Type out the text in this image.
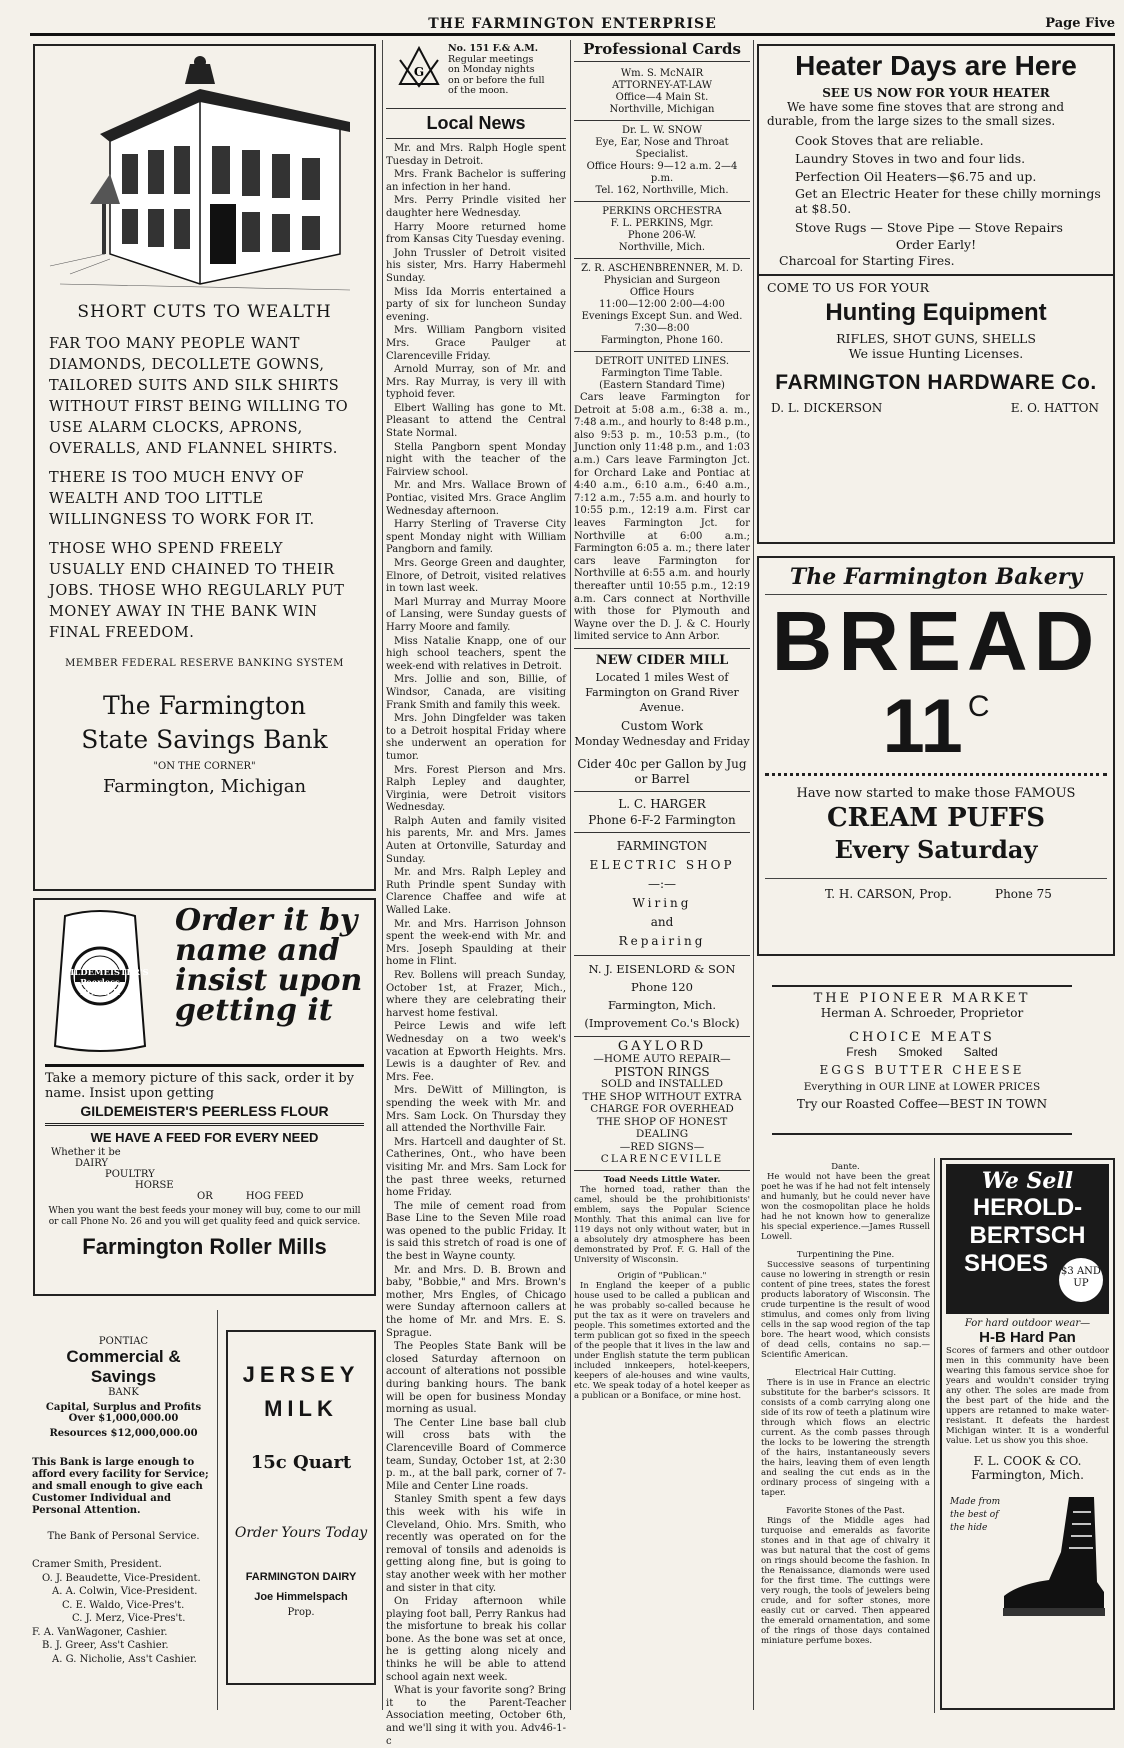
THE FARMINGTON ENTERPRISE	Page Five
SHORT CUTS TO WEALTH
FAR TOO MANY PEOPLE WANT DIAMONDS, DECOLLETE GOWNS, TAILORED SUITS AND SILK SHIRTS WITHOUT FIRST BEING WILLING TO USE ALARM CLOCKS, APRONS, OVERALLS, AND FLANNEL SHIRTS.
THERE IS TOO MUCH ENVY OF WEALTH AND TOO LITTLE WILLINGNESS TO WORK FOR IT.
THOSE WHO SPEND FREELY USUALLY END CHAINED TO THEIR JOBS. THOSE WHO REGULARLY PUT MONEY AWAY IN THE BANK WIN FINAL FREEDOM.
MEMBER FEDERAL RESERVE BANKING SYSTEM
The Farmington
State Savings Bank
"ON THE CORNER"
Farmington, Michigan
GILDEMEISTER'S Peerless ROLLER
Order it by
name and
insist upon
getting it
Take a memory picture of this sack, order it by name. Insist upon getting
GILDEMEISTER'S PEERLESS FLOUR
WE HAVE A FEED FOR EVERY NEED
Whether it be
DAIRY
POULTRY
HORSE
OR	HOG FEED
When you want the best feeds your money will buy, come to our mill or call Phone No. 26 and you will get quality feed and quick service.
Farmington Roller Mills
PONTIAC
Commercial & Savings
BANK
Capital, Surplus and Profits Over $1,000,000.00
Resources $12,000,000.00
This Bank is large enough to afford every facility for Service; and small enough to give each Customer Individual and Personal Attention.
The Bank of Personal Service.
Cramer Smith, President.
O. J. Beaudette, Vice-President.
A. A. Colwin, Vice-President.
C. E. Waldo, Vice-Pres't.
C. J. Merz, Vice-Pres't.
F. A. VanWagoner, Cashier.
B. J. Greer, Ass't Cashier.
A. G. Nicholie, Ass't Cashier.
JERSEY
MILK
15c Quart
Order Yours Today
FARMINGTON DAIRY
Joe Himmelspach
Prop.
G
No. 151 F.& A.M.
Regular meetings
on Monday nights
on or before the full
of the moon.
Local News
Mr. and Mrs. Ralph Hogle spent Tuesday in Detroit.
Mrs. Frank Bachelor is suffering an infection in her hand.
Mrs. Perry Prindle visited her daughter here Wednesday.
Harry Moore returned home from Kansas City Tuesday evening.
John Trussler of Detroit visited his sister, Mrs. Harry Habermehl Sunday.
Miss Ida Morris entertained a party of six for luncheon Sunday evening.
Mrs. William Pangborn visited Mrs. Grace Paulger at Clarenceville Friday.
Arnold Murray, son of Mr. and Mrs. Ray Murray, is very ill with typhoid fever.
Elbert Walling has gone to Mt. Pleasant to attend the Central State Normal.
Stella Pangborn spent Monday night with the teacher of the Fairview school.
Mr. and Mrs. Wallace Brown of Pontiac, visited Mrs. Grace Anglim Wednesday afternoon.
Harry Sterling of Traverse City spent Monday night with William Pangborn and family.
Mrs. George Green and daughter, Elnore, of Detroit, visited relatives in town last week.
Marl Murray and Murray Moore of Lansing, were Sunday guests of Harry Moore and family.
Miss Natalie Knapp, one of our high school teachers, spent the week-end with relatives in Detroit.
Mrs. Jollie and son, Billie, of Windsor, Canada, are visiting Frank Smith and family this week.
Mrs. John Dingfelder was taken to a Detroit hospital Friday where she underwent an operation for tumor.
Mrs. Forest Pierson and Mrs. Ralph Lepley and daughter, Virginia, were Detroit visitors Wednesday.
Ralph Auten and family visited his parents, Mr. and Mrs. James Auten at Ortonville, Saturday and Sunday.
Mr. and Mrs. Ralph Lepley and Ruth Prindle spent Sunday with Clarence Chaffee and wife at Walled Lake.
Mr. and Mrs. Harrison Johnson spent the week-end with Mr. and Mrs. Joseph Spaulding at their home in Flint.
Rev. Bollens will preach Sunday, October 1st, at Frazer, Mich., where they are celebrating their harvest home festival.
Peirce Lewis and wife left Wednesday on a two week's vacation at Epworth Heights. Mrs. Lewis is a daughter of Rev. and Mrs. Fee.
Mrs. DeWitt of Millington, is spending the week with Mr. and Mrs. Sam Lock. On Thursday they all attended the Northville Fair.
Mrs. Hartcell and daughter of St. Catherines, Ont., who have been visiting Mr. and Mrs. Sam Lock for the past three weeks, returned home Friday.
The mile of cement road from Base Line to the Seven Mile road was opened to the public Friday. It is said this stretch of road is one of the best in Wayne county.
Mr. and Mrs. D. B. Brown and baby, "Bobbie," and Mrs. Brown's mother, Mrs Engles, of Chicago were Sunday afternoon callers at the home of Mr. and Mrs. E. S. Sprague.
The Peoples State Bank will be closed Saturday afternoon on account of alterations not possible during banking hours. The bank will be open for business Monday morning as usual.
The Center Line base ball club will cross bats with the Clarenceville Board of Commerce team, Sunday, October 1st, at 2:30 p. m., at the ball park, corner of 7-Mile and Center Line roads.
Stanley Smith spent a few days this week with his wife in Cleveland, Ohio. Mrs. Smith, who recently was operated on for the removal of tonsils and adenoids is getting along fine, but is going to stay another week with her mother and sister in that city.
On Friday afternoon while playing foot ball, Perry Rankus had the misfortune to break his collar bone. As the bone was set at once, he is getting along nicely and thinks he will be able to attend school again next week.
What is your favorite song? Bring it to the Parent-Teacher Association meeting, October 6th, and we'll sing it with you. Adv46-1-c
Professional Cards
Wm. S. McNAIR
ATTORNEY-AT-LAW
Office—4 Main St.
Northville, Michigan
Dr. L. W. SNOW
Eye, Ear, Nose and Throat
Specialist.
Office Hours: 9—12 a.m. 2—4 p.m.
Tel. 162, Northville, Mich.
PERKINS ORCHESTRA
F. L. PERKINS, Mgr.
Phone 206-W.
Northville, Mich.
Z. R. ASCHENBRENNER, M. D.
Physician and Surgeon
Office Hours
11:00—12:00 2:00—4:00
Evenings Except Sun. and Wed.
7:30—8:00
Farmington, Phone 160.
DETROIT UNITED LINES.
Farmington Time Table.
(Eastern Standard Time)
Cars leave Farmington for Detroit at 5:08 a.m., 6:38 a. m., 7:48 a.m., and hourly to 8:48 p.m., also 9:53 p. m., 10:53 p.m., (to Junction only 11:48 p.m., and 1:03 a.m.) Cars leave Farmington Jct. for Orchard Lake and Pontiac at 4:40 a.m., 6:10 a.m., 6:40 a.m., 7:12 a.m., 7:55 a.m. and hourly to 10:55 p.m., 12:19 a.m. First car leaves Farmington Jct. for Northville at 6:00 a.m.; Farmington 6:05 a. m.; there later cars leave Farmington for Northville at 6:55 a.m. and hourly thereafter until 10:55 p.m., 12:19 a.m. Cars connect at Northville with those for Plymouth and Wayne over the D. J. & C. Hourly limited service to Ann Arbor.
NEW CIDER MILL
Located 1 miles West of Farmington on Grand River Avenue.
Custom Work
Monday Wednesday and Friday
Cider 40c per Gallon by Jug
or Barrel
L. C. HARGER
Phone 6-F-2 Farmington
FARMINGTON
ELECTRIC SHOP
—:—
Wiring
and
Repairing
N. J. EISENLORD & SON
Phone 120
Farmington, Mich.
(Improvement Co.'s Block)
GAYLORD
—HOME AUTO REPAIR—
PISTON RINGS
SOLD and INSTALLED
THE SHOP WITHOUT EXTRA
CHARGE FOR OVERHEAD
THE SHOP OF HONEST
DEALING
—RED SIGNS—
CLARENCEVILLE
Toad Needs Little Water.
The horned toad, rather than the camel, should be the prohibitionists' emblem, says the Popular Science Monthly. That this animal can live for 119 days not only without water, but in a absolutely dry atmosphere has been demonstrated by Prof. F. G. Hall of the University of Wisconsin.
Origin of "Publican."
In England the keeper of a public house used to be called a publican and he was probably so-called because he put the tax as it were on travelers and people. This sometimes extorted and the term publican got so fixed in the speech of the people that it lives in the law and under English statute the term publican included innkeepers, hotel-keepers, keepers of ale-houses and wine vaults, etc. We speak today of a hotel keeper as a publican or a Boniface, or mine host.
Heater Days are Here
SEE US NOW FOR YOUR HEATER
We have some fine stoves that are strong and durable, from the large sizes to the small sizes.
Cook Stoves that are reliable.
Laundry Stoves in two and four lids.
Perfection Oil Heaters—$6.75 and up.
Get an Electric Heater for these chilly mornings at $8.50.
Stove Rugs — Stove Pipe — Stove Repairs
Order Early!
Charcoal for Starting Fires.
COME TO US FOR YOUR
Hunting Equipment
RIFLES, SHOT GUNS, SHELLS
We issue Hunting Licenses.
FARMINGTON HARDWARE Co.
D. L. DICKERSON	E. O. HATTON
The Farmington Bakery
BREAD
11 C
Have now started to make those FAMOUS
CREAM PUFFS
Every Saturday
T. H. CARSON, Prop.	Phone 75
THE PIONEER MARKET
Herman A. Schroeder, Proprietor
CHOICE MEATS
Fresh Smoked Salted
EGGS BUTTER CHEESE
Everything in OUR LINE at LOWER PRICES
Try our Roasted Coffee—BEST IN TOWN
Dante.
He would not have been the great poet he was if he had not felt intensely and humanly, but he could never have won the cosmopolitan place he holds had he not known how to generalize his special experience.—James Russell Lowell.
Turpentining the Pine.
Successive seasons of turpentining cause no lowering in strength or resin content of pine trees, states the forest products laboratory of Wisconsin. The crude turpentine is the result of wood stimulus, and comes only from living cells in the sap wood region of the tap bore. The heart wood, which consists of dead cells, contains no sap.—Scientific American.
Electrical Hair Cutting.
There is in use in France an electric substitute for the barber's scissors. It consists of a comb carrying along one side of its row of teeth a platinum wire through which flows an electric current. As the comb passes through the locks to be lowering the strength of the hairs, instantaneously severs the hairs, leaving them of even length and sealing the cut ends as in the ordinary process of singeing with a taper.
Favorite Stones of the Past.
Rings of the Middle ages had turquoise and emeralds as favorite stones and in that age of chivalry it was but natural that the cost of gems on rings should become the fashion. In the Renaissance, diamonds were used for the first time. The cuttings were very rough, the tools of jewelers being crude, and for softer stones, more easily cut or carved. Then appeared the emerald ornamentation, and some of the rings of those days contained miniature perfume boxes.
We Sell
HEROLD-
BERTSCH
SHOES	$3 AND UP
For hard outdoor wear—
H-B Hard Pan
Scores of farmers and other outdoor men in this community have been wearing this famous service shoe for years and wouldn't consider trying any other. The soles are made from the best part of the hide and the uppers are retanned to make water-resistant. It defeats the hardest Michigan winter. It is a wonderful value. Let us show you this shoe.
F. L. COOK & CO.
Farmington, Mich.
Made from the best of the hide
